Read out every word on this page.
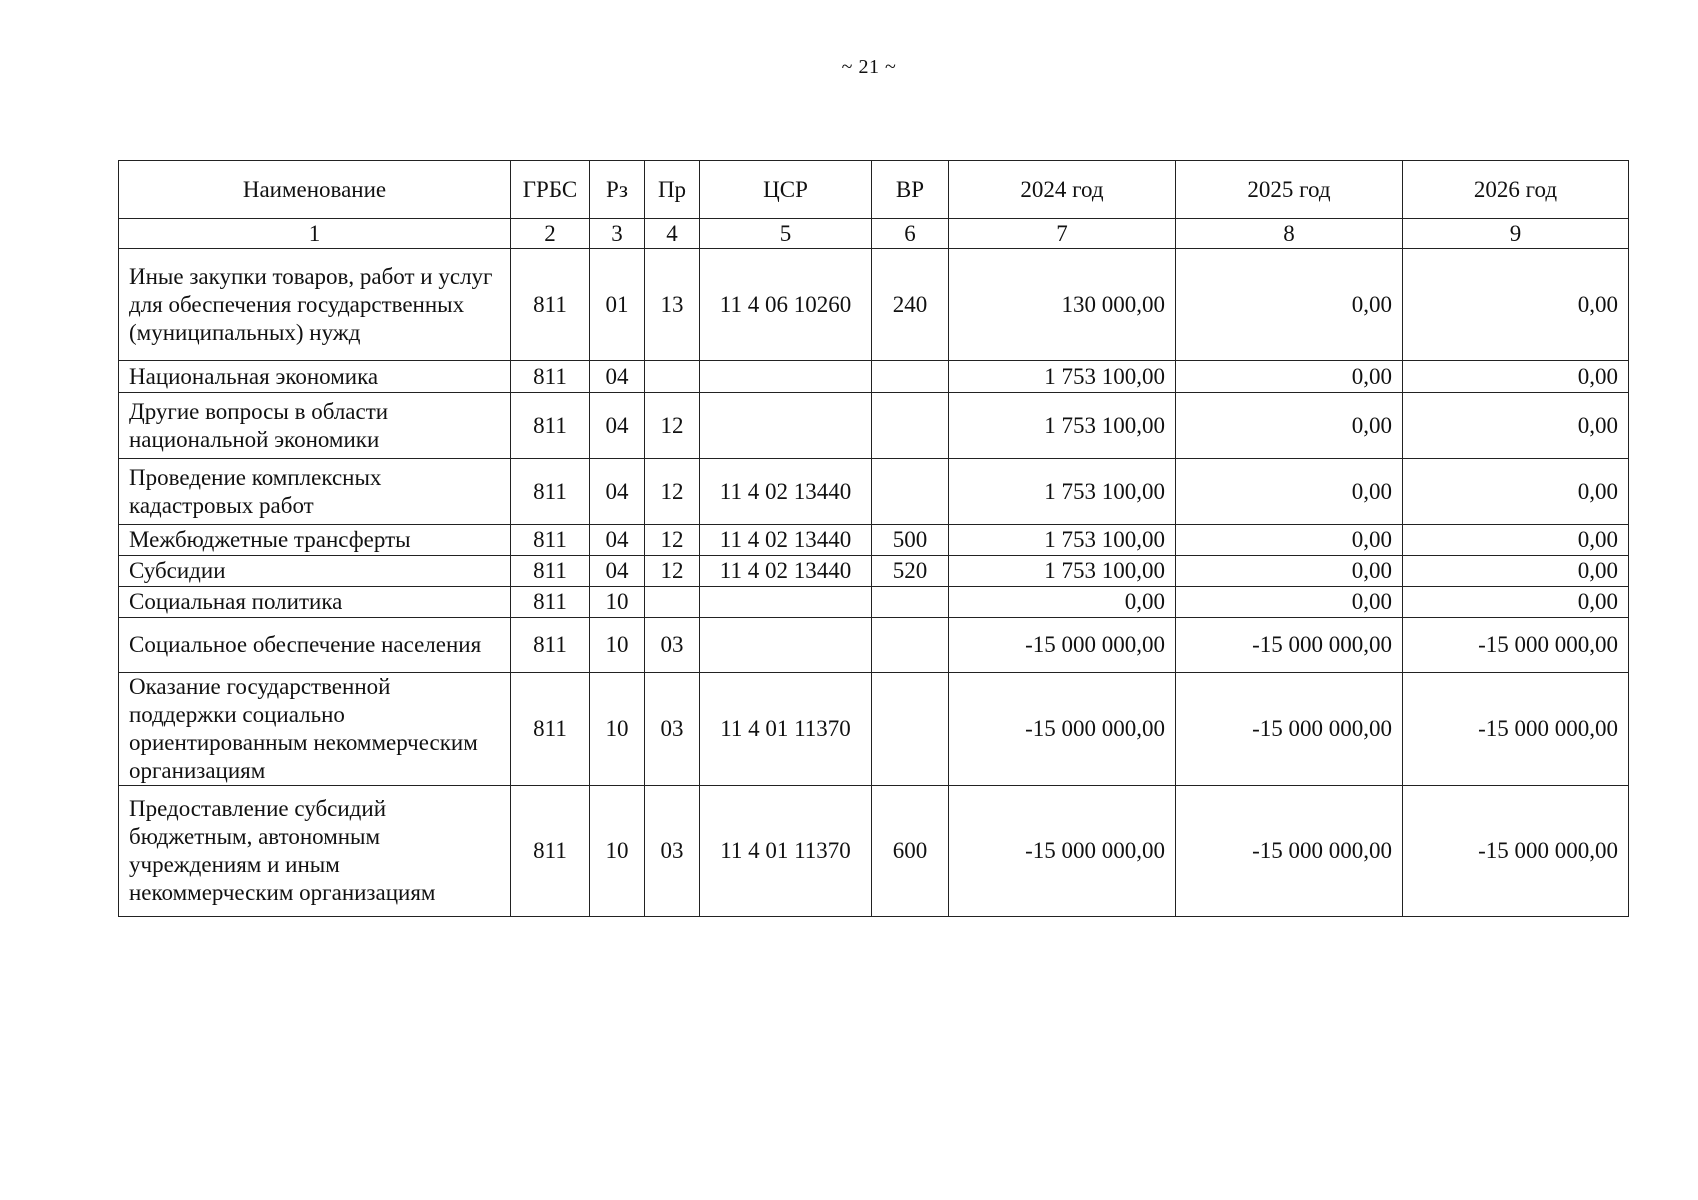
~ 21 ~
Наименование	ГРБС	Рз	Пр	ЦСР	ВР	2024 год	2025 год	2026 год
1	2	3	4	5	6	7	8	9
Иные закупки товаров, работ и услуг для обеспечения государственных (муниципальных) нужд	811	01	13	11 4 06 10260	240	130 000,00	0,00	0,00
Национальная экономика	811	04				1 753 100,00	0,00	0,00
Другие вопросы в области национальной экономики	811	04	12			1 753 100,00	0,00	0,00
Проведение комплексных кадастровых работ	811	04	12	11 4 02 13440		1 753 100,00	0,00	0,00
Межбюджетные трансферты	811	04	12	11 4 02 13440	500	1 753 100,00	0,00	0,00
Субсидии	811	04	12	11 4 02 13440	520	1 753 100,00	0,00	0,00
Социальная политика	811	10				0,00	0,00	0,00
Социальное обеспечение населения	811	10	03			-15 000 000,00	-15 000 000,00	-15 000 000,00
Оказание государственной поддержки социально ориентированным некоммерческим организациям	811	10	03	11 4 01 11370		-15 000 000,00	-15 000 000,00	-15 000 000,00
Предоставление субсидий бюджетным, автономным учреждениям и иным некоммерческим организациям	811	10	03	11 4 01 11370	600	-15 000 000,00	-15 000 000,00	-15 000 000,00
